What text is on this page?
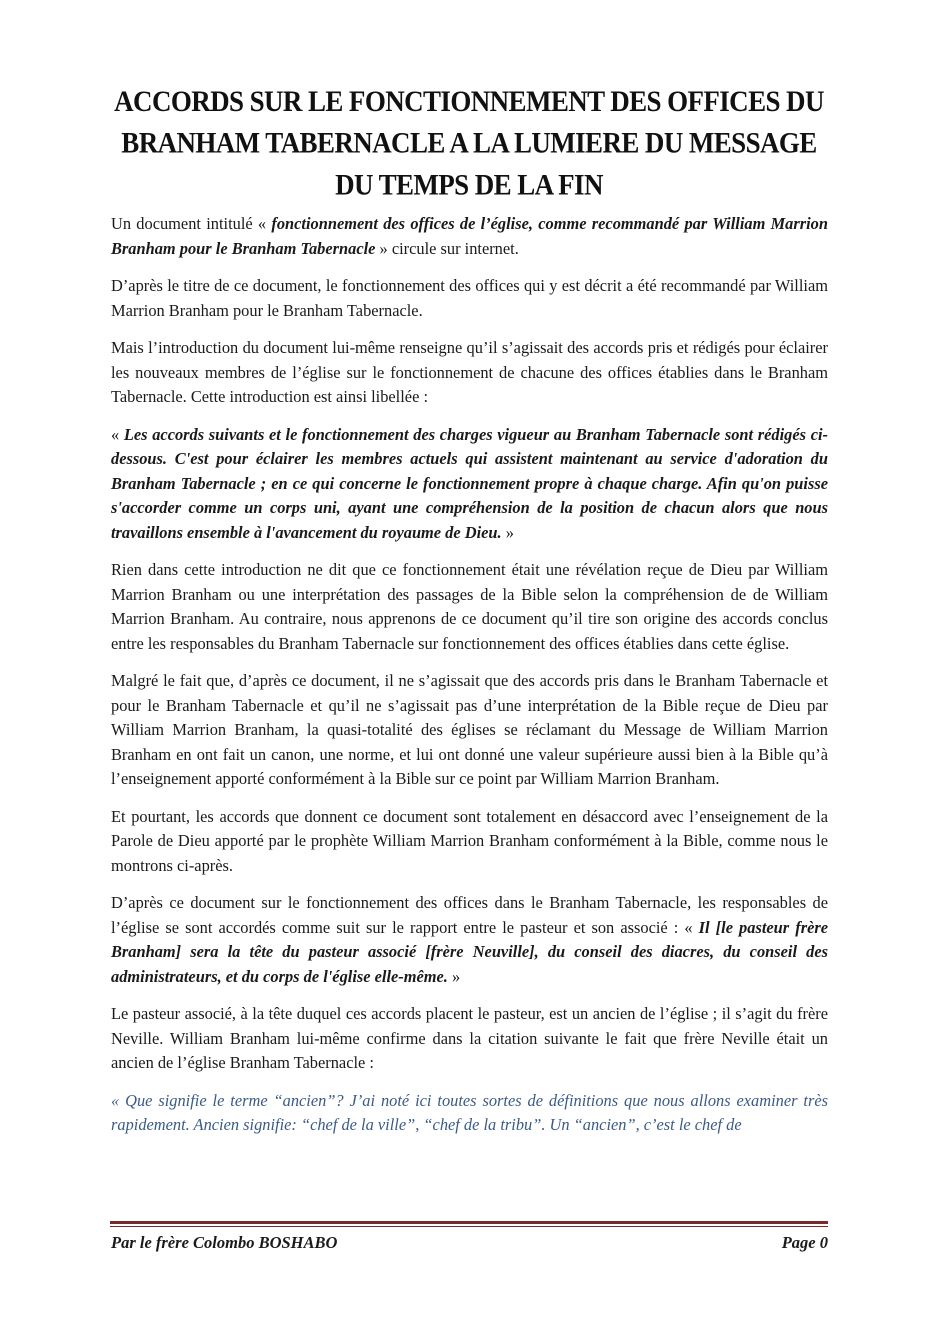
ACCORDS SUR LE FONCTIONNEMENT DES OFFICES DU BRANHAM TABERNACLE A LA LUMIERE DU MESSAGE DU TEMPS DE LA FIN

Un document intitulé « fonctionnement des offices de l’église, comme recommandé par William Marrion Branham pour le Branham Tabernacle » circule sur internet.

D’après le titre de ce document, le fonctionnement des offices qui y est décrit a été recommandé par William Marrion Branham pour le Branham Tabernacle.

Mais l’introduction du document lui-même renseigne qu’il s’agissait des accords pris et rédigés pour éclairer les nouveaux membres de l’église sur le fonctionnement de chacune des offices établies dans le Branham Tabernacle. Cette introduction est ainsi libellée :

« Les accords suivants et le fonctionnement des charges vigueur au Branham Tabernacle sont rédigés ci-dessous. C'est pour éclairer les membres actuels qui assistent maintenant au service d'adoration du Branham Tabernacle ; en ce qui concerne le fonctionnement propre à chaque charge. Afin qu'on puisse s'accorder comme un corps uni, ayant une compréhension de la position de chacun alors que nous travaillons ensemble à l'avancement du royaume de Dieu. »

Rien dans cette introduction ne dit que ce fonctionnement était une révélation reçue de Dieu par William Marrion Branham ou une interprétation des passages de la Bible selon la compréhension de de William Marrion Branham. Au contraire, nous apprenons de ce document qu’il tire son origine des accords conclus entre les responsables du Branham Tabernacle sur fonctionnement des offices établies dans cette église.

Malgré le fait que, d’après ce document, il ne s’agissait que des accords pris dans le Branham Tabernacle et pour le Branham Tabernacle et qu’il ne s’agissait pas d’une interprétation de la Bible reçue de Dieu par William Marrion Branham, la quasi-totalité des églises se réclamant du Message de William Marrion Branham en ont fait un canon, une norme, et lui ont donné une valeur supérieure aussi bien à la Bible qu’à l’enseignement apporté conformément à la Bible sur ce point par William Marrion Branham.

Et pourtant, les accords que donnent ce document sont totalement en désaccord avec l’enseignement de la Parole de Dieu apporté par le prophète William Marrion Branham conformément à la Bible, comme nous le montrons ci-après.

D’après ce document sur le fonctionnement des offices dans le Branham Tabernacle, les responsables de l’église se sont accordés comme suit sur le rapport entre le pasteur et son associé : « Il [le pasteur frère Branham] sera la tête du pasteur associé [frère Neuville], du conseil des diacres, du conseil des administrateurs, et du corps de l'église elle-même. »

Le pasteur associé, à la tête duquel ces accords placent le pasteur, est un ancien de l’église ; il s’agit du frère Neville. William Branham lui-même confirme dans la citation suivante le fait que frère Neville était un ancien de l’église Branham Tabernacle :

« Que signifie le terme “ancien”? J’ai noté ici toutes sortes de définitions que nous allons examiner très rapidement. Ancien signifie: “chef de la ville”, “chef de la tribu”. Un “ancien”, c’est le chef de

Par le frère Colombo BOSHABO	Page 0
